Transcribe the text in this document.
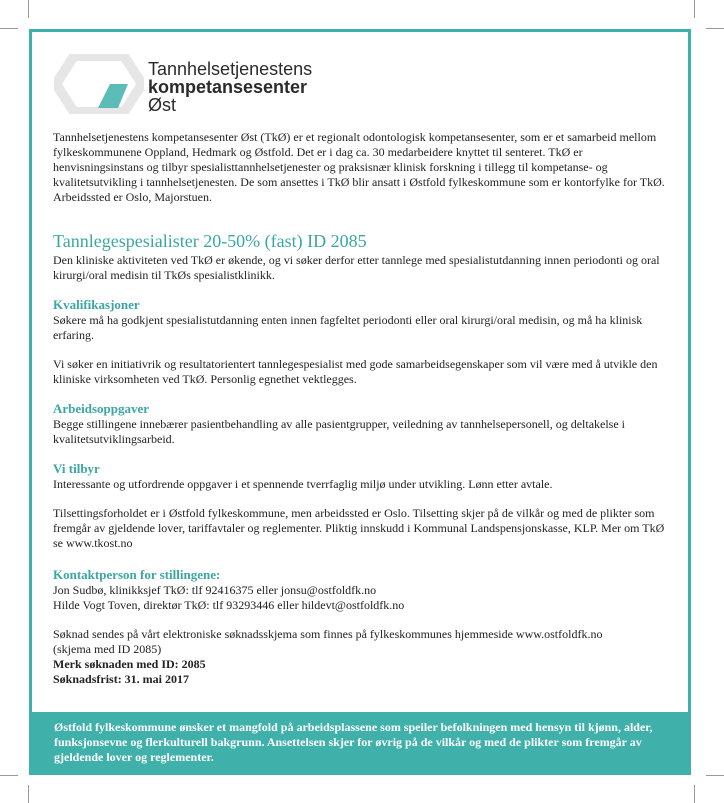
Tannhelsetjenestens
kompetansesenter
Øst

Tannhelsetjenestens kompetansesenter Øst (TkØ) er et regionalt odontologisk kompetansesenter, som er et samarbeid mellom fylkeskommunene Oppland, Hedmark og Østfold. Det er i dag ca. 30 medarbeidere knyttet til senteret. TkØ er henvisningsinstans og tilbyr spesialisttannhelsetjenester og praksisnær klinisk forskning i tillegg til kompetanse- og kvalitetsutvikling i tannhelsetjenesten. De som ansettes i TkØ blir ansatt i Østfold fylkeskommune som er kontorfylke for TkØ. Arbeidssted er Oslo, Majorstuen.

Tannlegespesialister 20-50% (fast) ID 2085

Den kliniske aktiviteten ved TkØ er økende, og vi søker derfor etter tannlege med spesialistutdanning innen periodonti og oral kirurgi/oral medisin til TkØs spesialistklinikk.

Kvalifikasjoner

Søkere må ha godkjent spesialistutdanning enten innen fagfeltet periodonti eller oral kirurgi/oral medisin, og må ha klinisk erfaring.

Vi søker en initiativrik og resultatorientert tannlegespesialist med gode samarbeidsegenskaper som vil være med å utvikle den kliniske virksomheten ved TkØ. Personlig egnethet vektlegges.

Arbeidsoppgaver

Begge stillingene innebærer pasientbehandling av alle pasientgrupper, veiledning av tannhelsepersonell, og deltakelse i kvalitetsutviklingsarbeid.

Vi tilbyr

Interessante og utfordrende oppgaver i et spennende tverrfaglig miljø under utvikling. Lønn etter avtale.

Tilsettingsforholdet er i Østfold fylkeskommune, men arbeidssted er Oslo. Tilsetting skjer på de vilkår og med de plikter som fremgår av gjeldende lover, tariffavtaler og reglementer. Pliktig innskudd i Kommunal Landspensjonskasse, KLP. Mer om TkØ se www.tkost.no

Kontaktperson for stillingene:

Jon Sudbø, klinikksjef TkØ: tlf 92416375 eller jonsu@ostfoldfk.no

Hilde Vogt Toven, direktør TkØ: tlf 93293446 eller hildevt@ostfoldfk.no

Søknad sendes på vårt elektroniske søknadsskjema som finnes på fylkeskommunes hjemmeside www.ostfoldfk.no

(skjema med ID 2085)

Merk søknaden med ID: 2085

Søknadsfrist: 31. mai 2017

Østfold fylkeskommune ønsker et mangfold på arbeidsplassene som speiler befolkningen med hensyn til kjønn, alder, funksjonsevne og flerkulturell bakgrunn. Ansettelsen skjer for øvrig på de vilkår og med de plikter som fremgår av gjeldende lover og reglementer.
